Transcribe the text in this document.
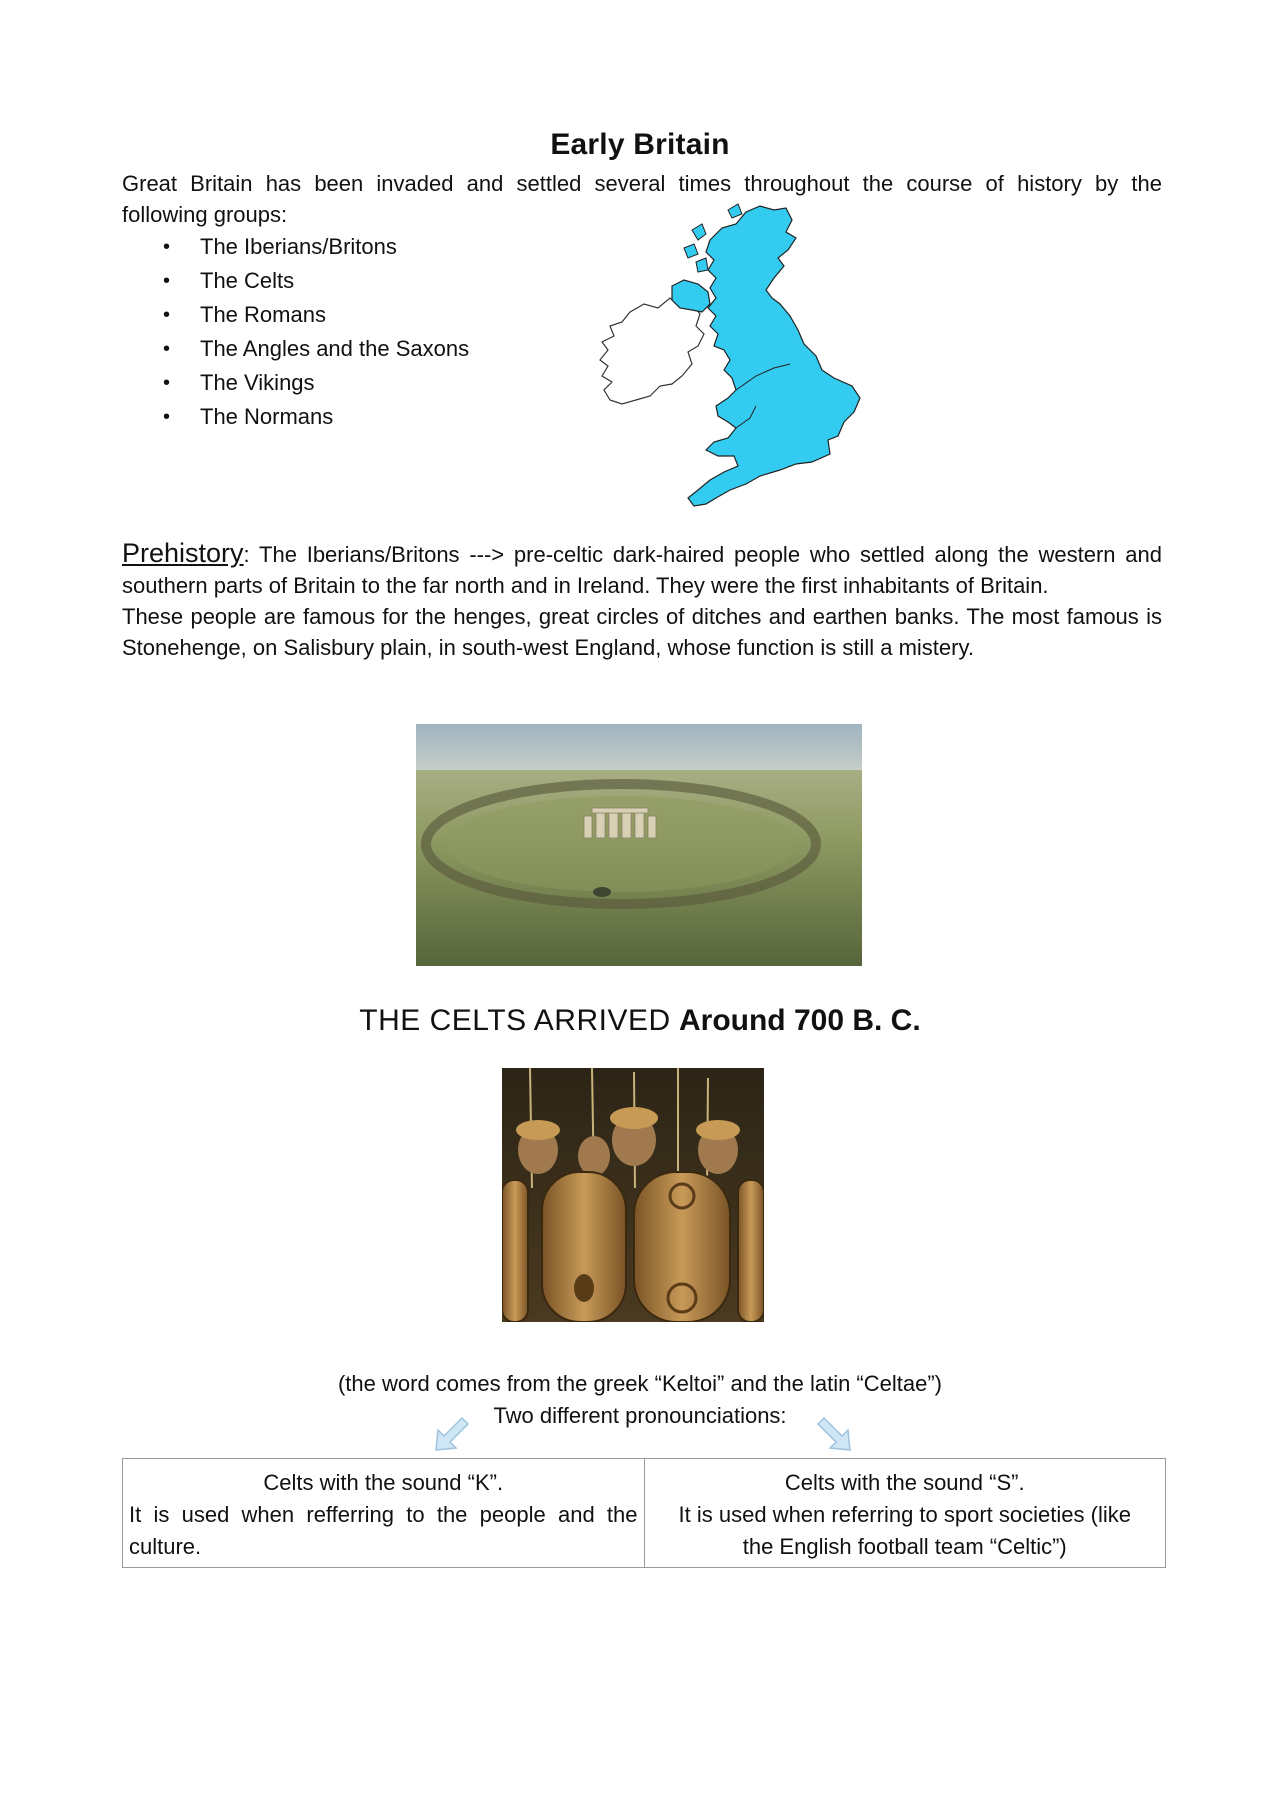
Early Britain
Great Britain has been invaded and settled several times throughout the course of history by the
following groups:
• The Iberians/Britons
• The Celts
• The Romans
• The Angles and the Saxons
• The Vikings
• The Normans

Prehistory: The Iberians/Britons ---> pre-celtic dark-haired people who settled along the western and southern parts of Britain to the far north and in Ireland. They were the first inhabitants of Britain.

These people are famous for the henges, great circles of ditches and earthen banks. The most famous is Stonehenge, on Salisbury plain, in south-west England, whose function is still a mistery.

THE CELTS ARRIVED Around 700 B. C.
(the word comes from the greek “Keltoi” and the latin “Celtae”)
Two different pronounciations:
Celts with the sound “K”.
It is used when refferring to the people and the
culture.

Celts with the sound “S”.
It is used when referring to sport societies (like
the English football team “Celtic”)
